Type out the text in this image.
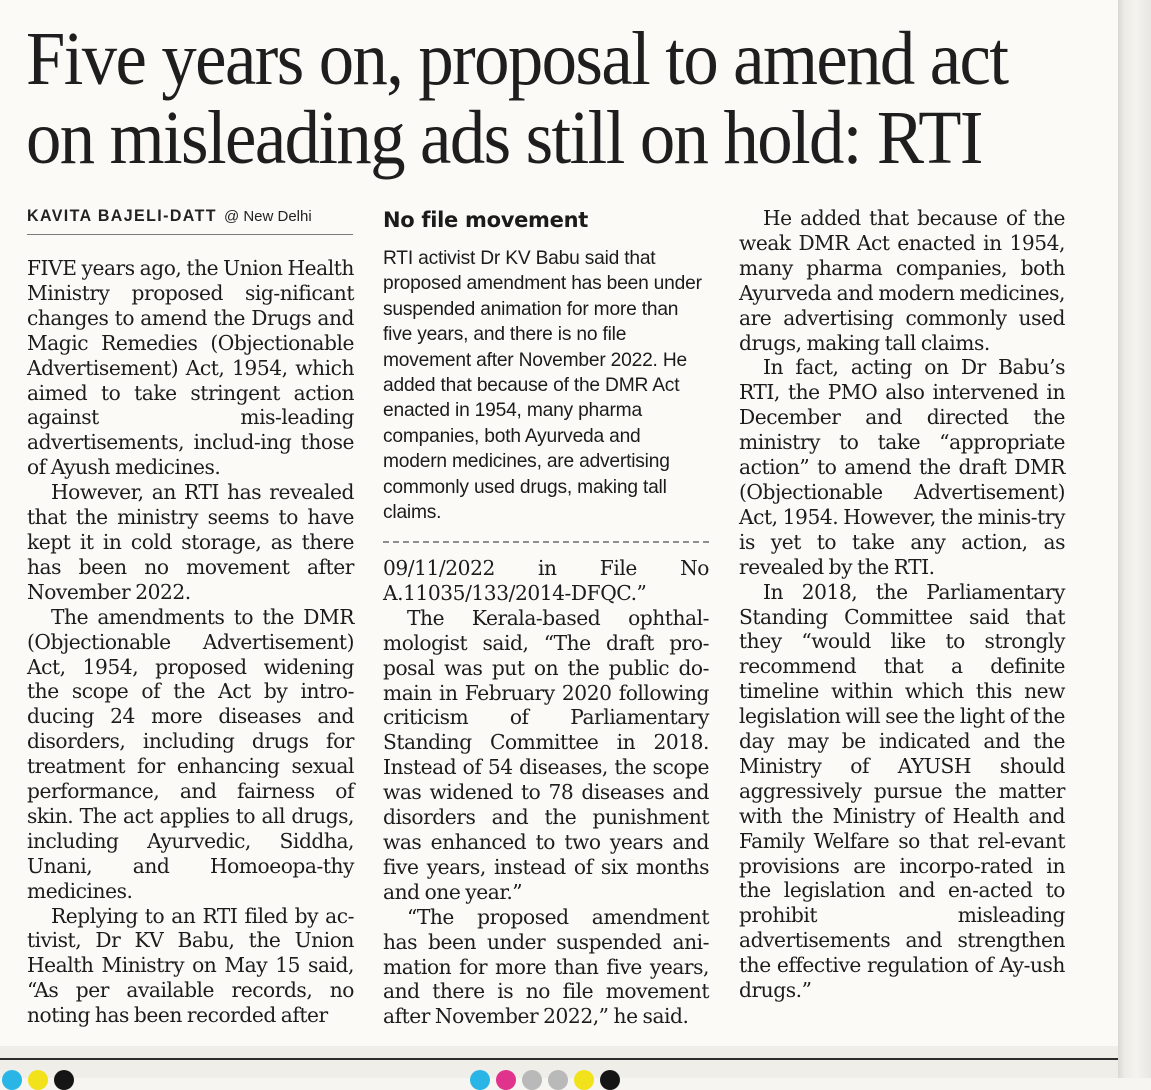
Five years on, proposal to amend act
on misleading ads still on hold: RTI
KAVITA BAJELI-DATT @ New Delhi

FIVE years ago, the Union Health Ministry proposed sig-nificant changes to amend the Drugs and Magic Remedies (Objectionable Advertisement) Act, 1954, which aimed to take stringent action against mis-leading advertisements, includ-ing those of Ayush medicines.

However, an RTI has revealed that the ministry seems to have kept it in cold storage, as there has been no movement after November 2022.

The amendments to the DMR (Objectionable Advertisement) Act, 1954, proposed widening the scope of the Act by intro-ducing 24 more diseases and disorders, including drugs for treatment for enhancing sexual performance, and fairness of skin. The act applies to all drugs, including Ayurvedic, Siddha, Unani, and Homoeopa-thy medicines.

Replying to an RTI filed by ac-tivist, Dr KV Babu, the Union Health Ministry on May 15 said, “As per available records, no noting has been recorded after

No file movement
RTI activist Dr KV Babu said that proposed amendment has been under suspended animation for more than five years, and there is no file movement after November 2022. He added that because of the DMR Act enacted in 1954, many pharma companies, both Ayurveda and modern medicines, are advertising commonly used drugs, making tall claims.

09/11/2022 in File No A.11035/133/2014-DFQC.”

The Kerala-based ophthal-mologist said, “The draft pro-posal was put on the public do-main in February 2020 following criticism of Parliamentary Standing Committee in 2018. Instead of 54 diseases, the scope was widened to 78 diseases and disorders and the punishment was enhanced to two years and five years, instead of six months and one year.”

“The proposed amendment has been under suspended ani-mation for more than five years, and there is no file movement after November 2022,” he said.

He added that because of the weak DMR Act enacted in 1954, many pharma companies, both Ayurveda and modern medicines, are advertising commonly used drugs, making tall claims.

In fact, acting on Dr Babu’s RTI, the PMO also intervened in December and directed the ministry to take “appropriate action” to amend the draft DMR (Objectionable Advertisement) Act, 1954. However, the minis-try is yet to take any action, as revealed by the RTI.

In 2018, the Parliamentary Standing Committee said that they “would like to strongly recommend that a definite timeline within which this new legislation will see the light of the day may be indicated and the Ministry of AYUSH should aggressively pursue the matter with the Ministry of Health and Family Welfare so that rel-evant provisions are incorpo-rated in the legislation and en-acted to prohibit misleading advertisements and strengthen the effective regulation of Ay-ush drugs.”
